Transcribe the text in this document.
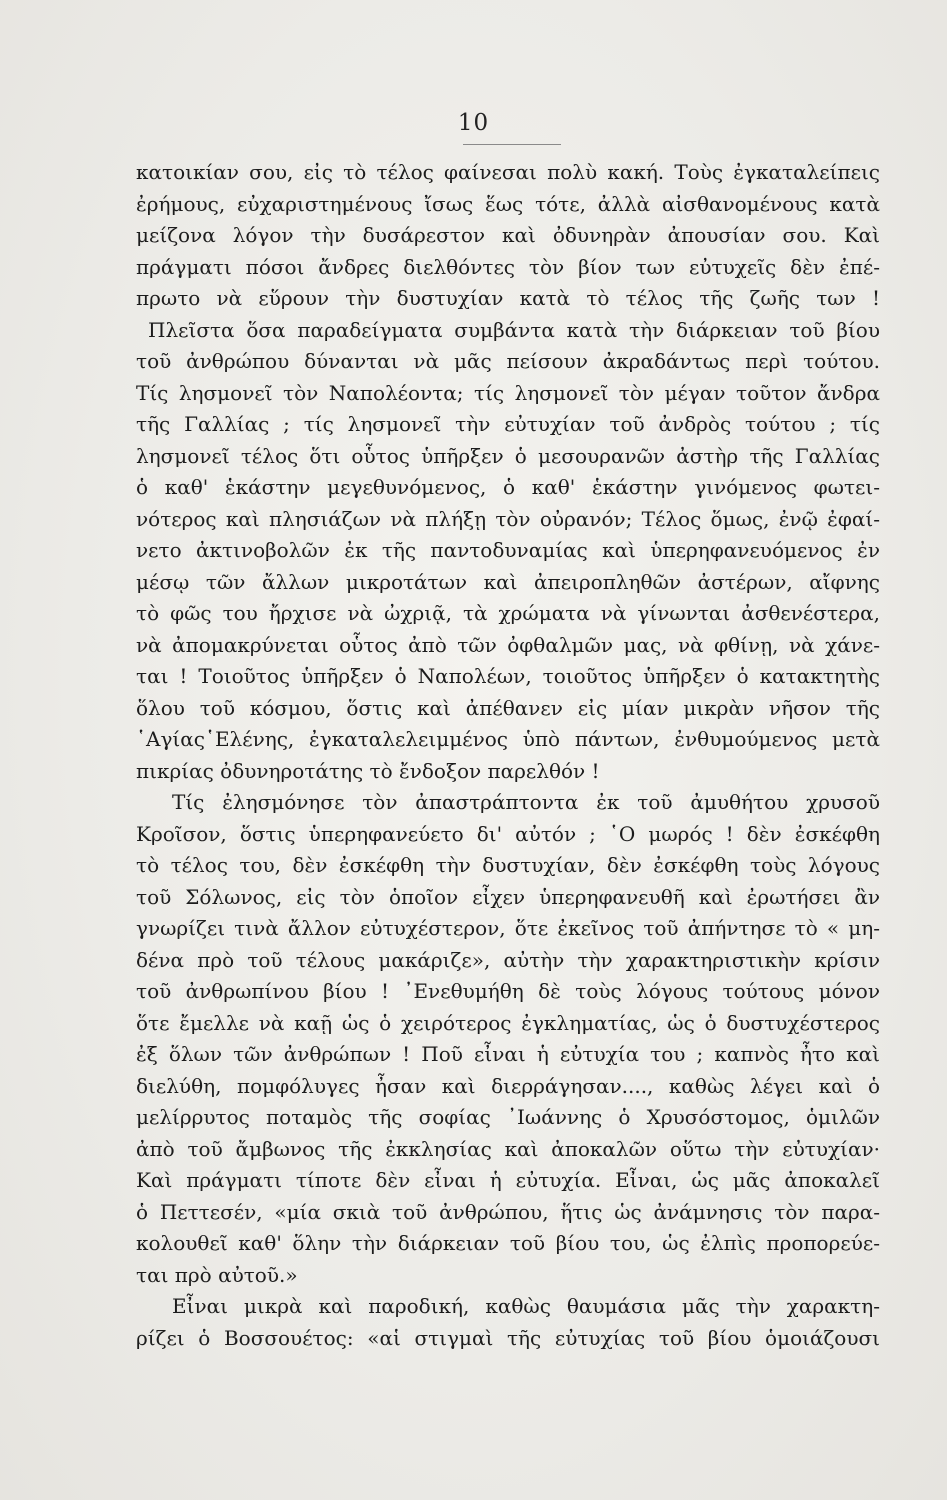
10
κατοικίαν σου, εἰς τὸ τέλος φαίνεσαι πολὺ κακή. Τοὺς ἐγκαταλείπεις
ἐρήμους, εὐχαριστημένους ἴσως ἕως τότε, ἀλλὰ αἰσθανομένους κατὰ
μείζονα λόγον τὴν δυσάρεστον καὶ ὀδυνηρὰν ἀπουσίαν σου. Καὶ
πράγματι πόσοι ἄνδρες διελθόντες τὸν βίον των εὐτυχεῖς δὲν ἐπέ-
πρωτο νὰ εὕρουν τὴν δυστυχίαν κατὰ τὸ τέλος τῆς ζωῆς των !
Πλεῖστα ὅσα παραδείγματα συμβάντα κατὰ τὴν διάρκειαν τοῦ βίου
τοῦ ἀνθρώπου δύνανται νὰ μᾶς πείσουν ἀκραδάντως περὶ τούτου.
Τίς λησμονεῖ τὸν Ναπολέοντα; τίς λησμονεῖ τὸν μέγαν τοῦτον ἄνδρα
τῆς Γαλλίας ; τίς λησμονεῖ τὴν εὐτυχίαν τοῦ ἀνδρὸς τούτου ; τίς
λησμονεῖ τέλος ὅτι οὗτος ὑπῆρξεν ὁ μεσουρανῶν ἀστὴρ τῆς Γαλλίας
ὁ καθ' ἑκάστην μεγεθυνόμενος, ὁ καθ' ἑκάστην γινόμενος φωτει-
νότερος καὶ πλησιάζων νὰ πλήξῃ τὸν οὐρανόν; Τέλος ὅμως, ἐνῷ ἐφαί-
νετο ἀκτινοβολῶν ἐκ τῆς παντοδυναμίας καὶ ὑπερηφανευόμενος ἐν
μέσῳ τῶν ἄλλων μικροτάτων καὶ ἀπειροπληθῶν ἀστέρων, αἴφνης
τὸ φῶς του ἤρχισε νὰ ὠχριᾷ, τὰ χρώματα νὰ γίνωνται ἀσθενέστερα,
νὰ ἀπομακρύνεται οὗτος ἀπὸ τῶν ὀφθαλμῶν μας, νὰ φθίνῃ, νὰ χάνε-
ται ! Τοιοῦτος ὑπῆρξεν ὁ Ναπολέων, τοιοῦτος ὑπῆρξεν ὁ κατακτητὴς
ὅλου τοῦ κόσμου, ὅστις καὶ ἀπέθανεν εἰς μίαν μικρὰν νῆσον τῆς
῾Αγίας῾Ελένης, ἐγκαταλελειμμένος ὑπὸ πάντων, ἐνθυμούμενος μετὰ
πικρίας ὀδυνηροτάτης τὸ ἔνδοξον παρελθόν !
Τίς ἐλησμόνησε τὸν ἀπαστράπτοντα ἐκ τοῦ ἀμυθήτου χρυσοῦ
Κροῖσον, ὅστις ὑπερηφανεύετο δι' αὐτόν ; ῾Ο μωρός ! δὲν ἐσκέφθη
τὸ τέλος του, δὲν ἐσκέφθη τὴν δυστυχίαν, δὲν ἐσκέφθη τοὺς λόγους
τοῦ Σόλωνος, εἰς τὸν ὁποῖον εἶχεν ὑπερηφανευθῆ καὶ ἐρωτήσει ἂν
γνωρίζει τινὰ ἄλλον εὐτυχέστερον, ὅτε ἐκεῖνος τοῦ ἀπήντησε τὸ « μη-
δένα πρὸ τοῦ τέλους μακάριζε», αὐτὴν τὴν χαρακτηριστικὴν κρίσιν
τοῦ ἀνθρωπίνου βίου ! ᾿Ενεθυμήθη δὲ τοὺς λόγους τούτους μόνον
ὅτε ἔμελλε νὰ καῇ ὡς ὁ χειρότερος ἐγκληματίας, ὡς ὁ δυστυχέστερος
ἐξ ὅλων τῶν ἀνθρώπων ! Ποῦ εἶναι ἡ εὐτυχία του ; καπνὸς ἦτο καὶ
διελύθη, πομφόλυγες ἦσαν καὶ διερράγησαν...., καθὼς λέγει καὶ ὁ
μελίρρυτος ποταμὸς τῆς σοφίας ᾿Ιωάννης ὁ Χρυσόστομος, ὁμιλῶν
ἀπὸ τοῦ ἄμβωνος τῆς ἐκκλησίας καὶ ἀποκαλῶν οὕτω τὴν εὐτυχίαν·
Καὶ πράγματι τίποτε δὲν εἶναι ἡ εὐτυχία. Εἶναι, ὡς μᾶς ἀποκαλεῖ
ὁ Πεττεσέν, «μία σκιὰ τοῦ ἀνθρώπου, ἥτις ὡς ἀνάμνησις τὸν παρα-
κολουθεῖ καθ' ὅλην τὴν διάρκειαν τοῦ βίου του, ὡς ἐλπὶς προπορεύε-
ται πρὸ αὐτοῦ.»
Εἶναι μικρὰ καὶ παροδική, καθὼς θαυμάσια μᾶς τὴν χαρακτη-
ρίζει ὁ Βοσσουέτος: «αἱ στιγμαὶ τῆς εὐτυχίας τοῦ βίου ὁμοιάζουσι
